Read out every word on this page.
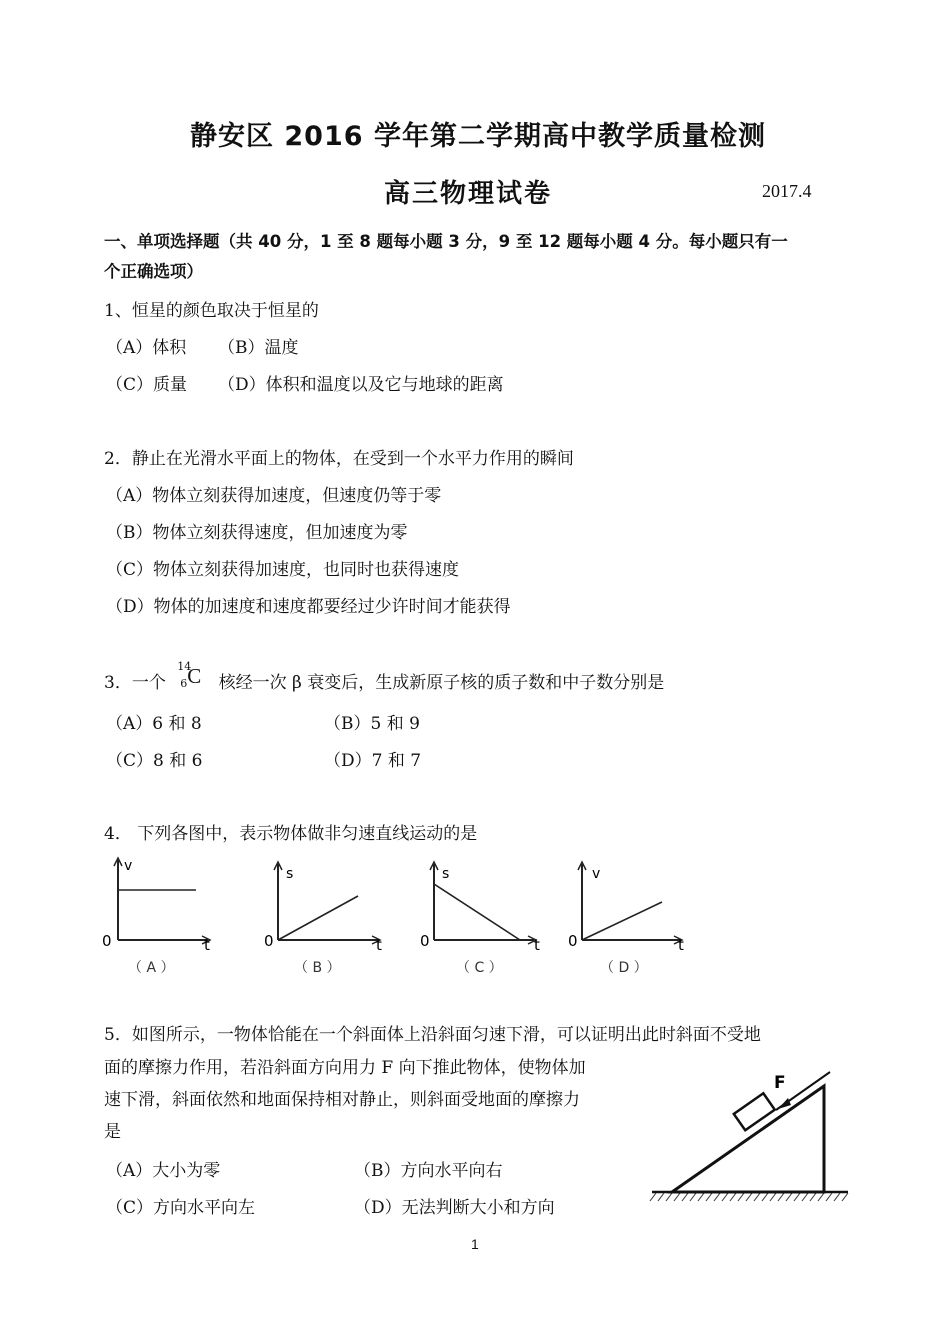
静安区 2016 学年第二学期高中教学质量检测
高三物理试卷	2017.4
一、单项选择题（共 40 分，1 至 8 题每小题 3 分，9 至 12 题每小题 4 分。每小题只有一
个正确选项）
1、恒星的颜色取决于恒星的
（A）体积 （B）温度
（C）质量 （D）体积和温度以及它与地球的距离
2．静止在光滑水平面上的物体，在受到一个水平力作用的瞬间
（A）物体立刻获得加速度，但速度仍等于零
（B）物体立刻获得速度，但加速度为零
（C）物体立刻获得加速度，也同时也获得速度
（D）物体的加速度和速度都要经过少许时间才能获得
3．一个
14
6 C 核经一次 β 衰变后，生成新原子核的质子数和中子数分别是
（A）6 和 8	（B）5 和 9
（C）8 和 6	（D）7 和 7
4． 下列各图中，表示物体做非匀速直线运动的是
v
t
0
（ A ）
s
t
0
（ B ）
s
t
0
（ C ）
v
t
0
（ D ）
5．如图所示，一物体恰能在一个斜面体上沿斜面匀速下滑，可以证明出此时斜面不受地
面的摩擦力作用，若沿斜面方向用力 F 向下推此物体，使物体加
速下滑，斜面依然和地面保持相对静止，则斜面受地面的摩擦力
是
（A）大小为零	（B）方向水平向右
（C）方向水平向左	（D）无法判断大小和方向
F
1
